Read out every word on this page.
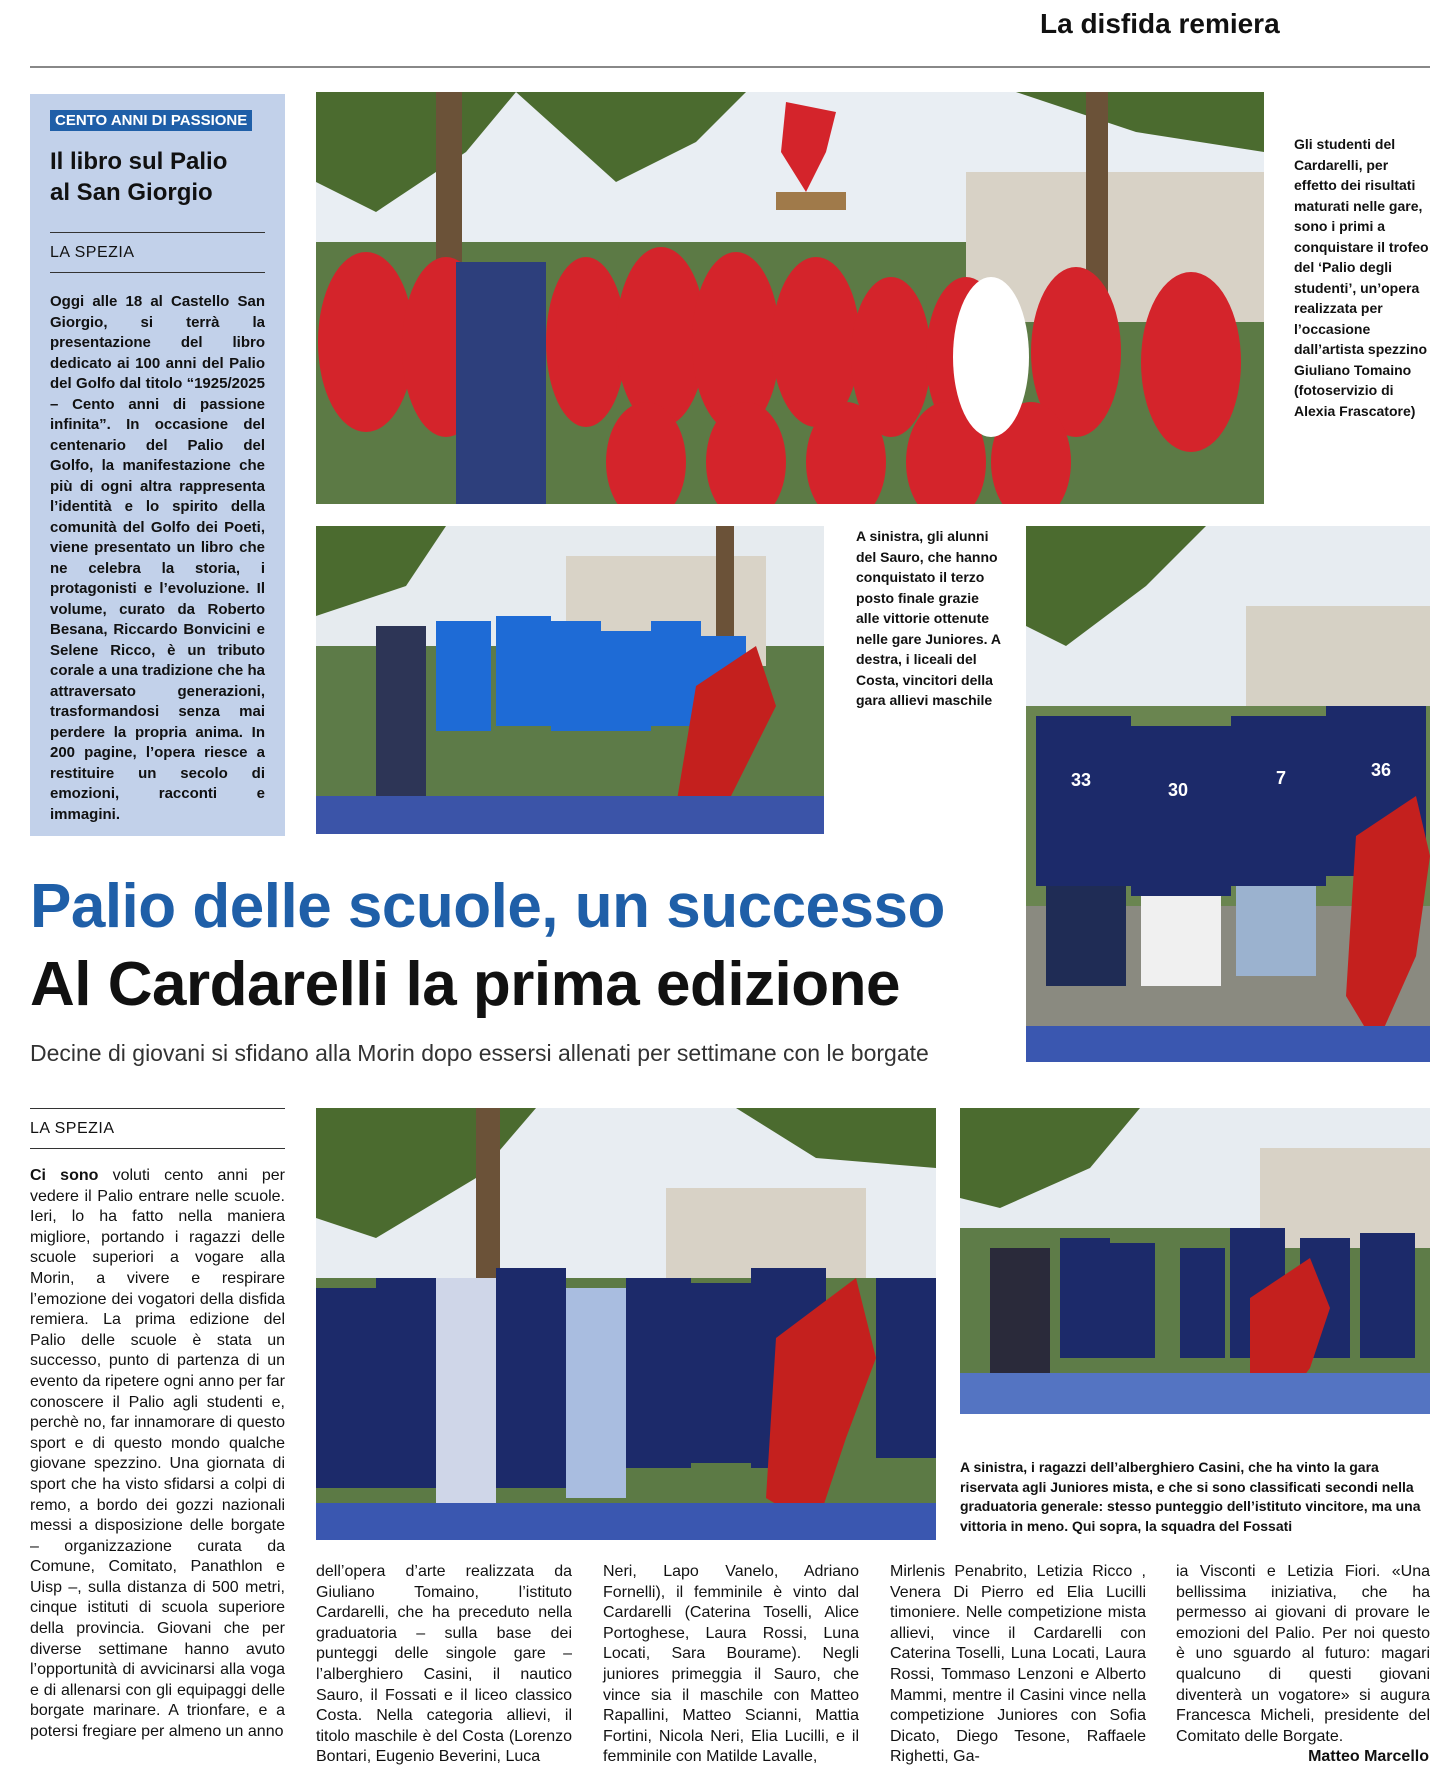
La disfida remiera
CENTO ANNI DI PASSIONE
Il libro sul Palio
al San Giorgio
LA SPEZIA
Oggi alle 18 al Castello San Giorgio, si terrà la presentazione del libro dedicato ai 100 anni del Palio del Golfo dal titolo “1925/2025 – Cento anni di passione infinita”. In occasione del centenario del Palio del Golfo, la manifestazione che più di ogni altra rappresenta l’identità e lo spirito della comunità del Golfo dei Poeti, viene presentato un libro che ne celebra la storia, i protagonisti e l’evoluzione. Il volume, curato da Roberto Besana, Riccardo Bonvicini e Selene Ricco, è un tributo corale a una tradizione che ha attraversato generazioni, trasformandosi senza mai perdere la propria anima. In 200 pagine, l’opera riesce a restituire un secolo di emozioni, racconti e immagini.
Gli studenti del Cardarelli, per effetto dei risultati maturati nelle gare, sono i primi a conquistare il trofeo del ‘Palio degli studenti’, un’opera realizzata per l’occasione dall’artista spezzino Giuliano Tomaino (fotoservizio di Alexia Frascatore)
A sinistra, gli alunni del Sauro, che hanno conquistato il terzo posto finale grazie alle vittorie ottenute nelle gare Juniores. A destra, i liceali del Costa, vincitori della gara allievi maschile
33	30
7	36
Palio delle scuole, un successo
Al Cardarelli la prima edizione
Decine di giovani si sfidano alla Morin dopo essersi allenati per settimane con le borgate
LA SPEZIA
Ci sono voluti cento anni per vedere il Palio entrare nelle scuole. Ieri, lo ha fatto nella maniera migliore, portando i ragazzi delle scuole superiori a vogare alla Morin, a vivere e respirare l’emozione dei vogatori della disfida remiera. La prima edizione del Palio delle scuole è stata un successo, punto di partenza di un evento da ripetere ogni anno per far conoscere il Palio agli studenti e, perchè no, far innamorare di questo sport e di questo mondo qualche giovane spezzino. Una giornata di sport che ha visto sfidarsi a colpi di remo, a bordo dei gozzi nazionali messi a disposizione delle borgate – organizzazione curata da Comune, Comitato, Panathlon e Uisp –, sulla distanza di 500 metri, cinque istituti di scuola superiore della provincia. Giovani che per diverse settimane hanno avuto l’opportunità di avvicinarsi alla voga e di allenarsi con gli equipaggi delle borgate marinare. A trionfare, e a potersi fregiare per almeno un anno
A sinistra, i ragazzi dell’alberghiero Casini, che ha vinto la gara riservata agli Juniores mista, e che si sono classificati secondi nella graduatoria generale: stesso punteggio dell’istituto vincitore, ma una vittoria in meno. Qui sopra, la squadra del Fossati
dell’opera d’arte realizzata da Giuliano Tomaino, l’istituto Cardarelli, che ha preceduto nella graduatoria – sulla base dei punteggi delle singole gare – l’alberghiero Casini, il nautico Sauro, il Fossati e il liceo classico Costa. Nella categoria allievi, il titolo maschile è del Costa (Lorenzo Bontari, Eugenio Beverini, Luca
Neri, Lapo Vanelo, Adriano Fornelli), il femminile è vinto dal Cardarelli (Caterina Toselli, Alice Portoghese, Laura Rossi, Luna Locati, Sara Bourame). Negli juniores primeggia il Sauro, che vince sia il maschile con Matteo Rapallini, Matteo Scianni, Mattia Fortini, Nicola Neri, Elia Lucilli, e il femminile con Matilde Lavalle,
Mirlenis Penabrito, Letizia Ricco , Venera Di Pierro ed Elia Lucilli timoniere. Nelle competizione mista allievi, vince il Cardarelli con Caterina Toselli, Luna Locati, Laura Rossi, Tommaso Lenzoni e Alberto Mammi, mentre il Casini vince nella competizione Juniores con Sofia Dicato, Diego Tesone, Raffaele Righetti, Ga-
ia Visconti e Letizia Fiori. «Una bellissima iniziativa, che ha permesso ai giovani di provare le emozioni del Palio. Per noi questo è uno sguardo al futuro: magari qualcuno di questi giovani diventerà un vogatore» si augura Francesca Micheli, presidente del Comitato delle Borgate.
Matteo Marcello
